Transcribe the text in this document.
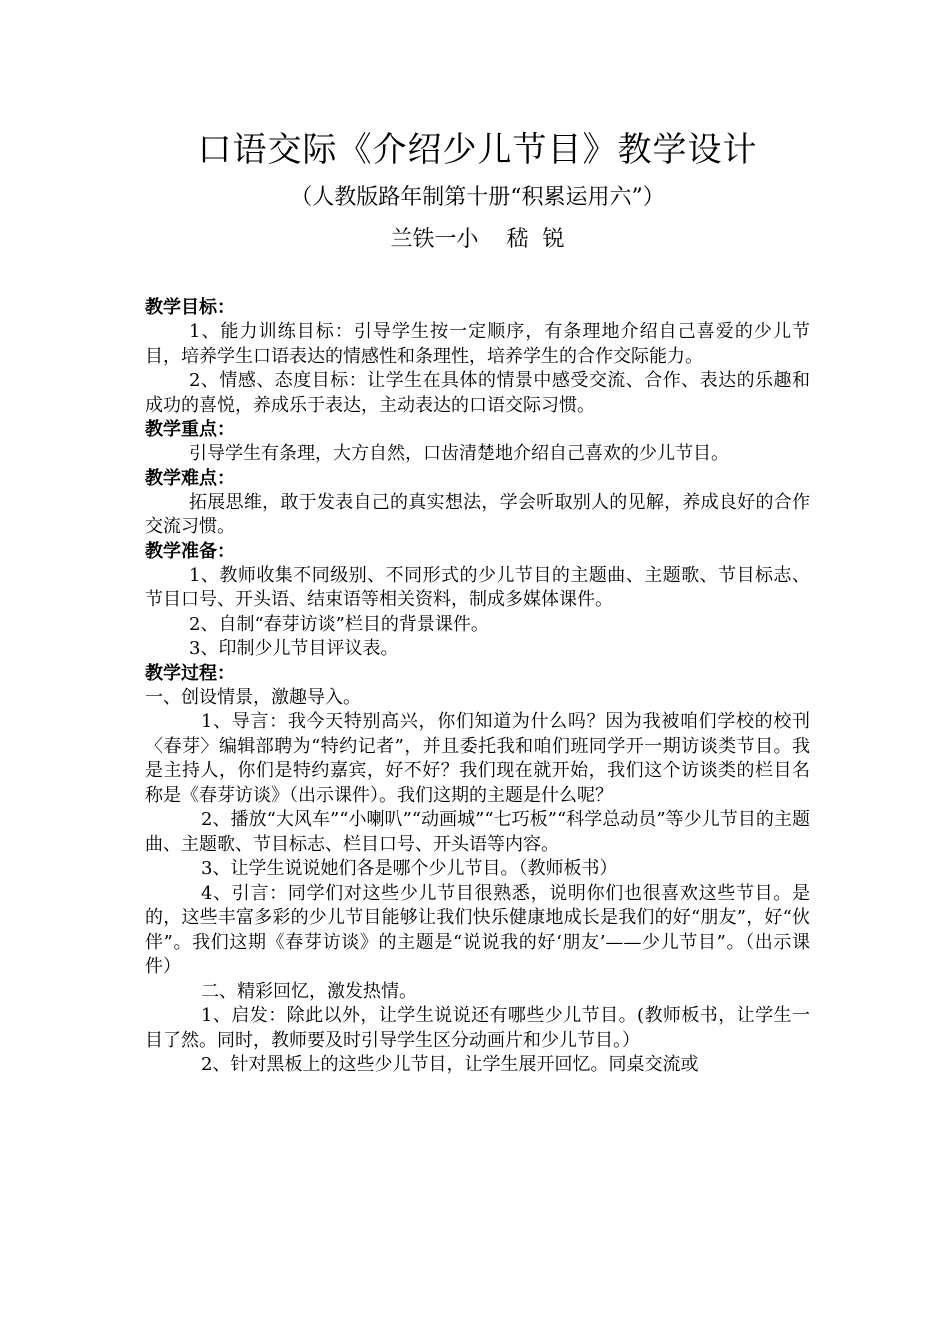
口语交际《介绍少儿节目》教学设计
（人教版路年制第十册“积累运用六”）
兰铁一小    嵇  锐
教学目标：

1、能力训练目标：引导学生按一定顺序，有条理地介绍自己喜爱的少儿节目，培养学生口语表达的情感性和条理性，培养学生的合作交际能力。

2、情感、态度目标：让学生在具体的情景中感受交流、合作、表达的乐趣和成功的喜悦，养成乐于表达，主动表达的口语交际习惯。

教学重点：

引导学生有条理，大方自然，口齿清楚地介绍自己喜欢的少儿节目。

教学难点：

拓展思维，敢于发表自己的真实想法，学会听取别人的见解，养成良好的合作交流习惯。

教学准备：

1、教师收集不同级别、不同形式的少儿节目的主题曲、主题歌、节目标志、节目口号、开头语、结束语等相关资料，制成多媒体课件。

2、自制“春芽访谈”栏目的背景课件。

3、印制少儿节目评议表。

教学过程：

一、创设情景，激趣导入。

1、导言：我今天特别高兴，你们知道为什么吗？因为我被咱们学校的校刊〈春芽〉编辑部聘为“特约记者”，并且委托我和咱们班同学开一期访谈类节目。我是主持人，你们是特约嘉宾，好不好？我们现在就开始，我们这个访谈类的栏目名称是《春芽访谈》（出示课件）。我们这期的主题是什么呢？

2、播放“大风车”“小喇叭”“动画城”“七巧板”“科学总动员”等少儿节目的主题曲、主题歌、节目标志、栏目口号、开头语等内容。

3、让学生说说她们各是哪个少儿节目。（教师板书）

4、引言：同学们对这些少儿节目很熟悉，说明你们也很喜欢这些节目。是的，这些丰富多彩的少儿节目能够让我们快乐健康地成长是我们的好“朋友”，好“伙伴”。我们这期《春芽访谈》的主题是“说说我的好‘朋友’——少儿节目”。（出示课件）

二、精彩回忆，激发热情。

1、启发：除此以外，让学生说说还有哪些少儿节目。(教师板书，让学生一目了然。同时，教师要及时引导学生区分动画片和少儿节目。）

2、针对黑板上的这些少儿节目，让学生展开回忆。同桌交流或
